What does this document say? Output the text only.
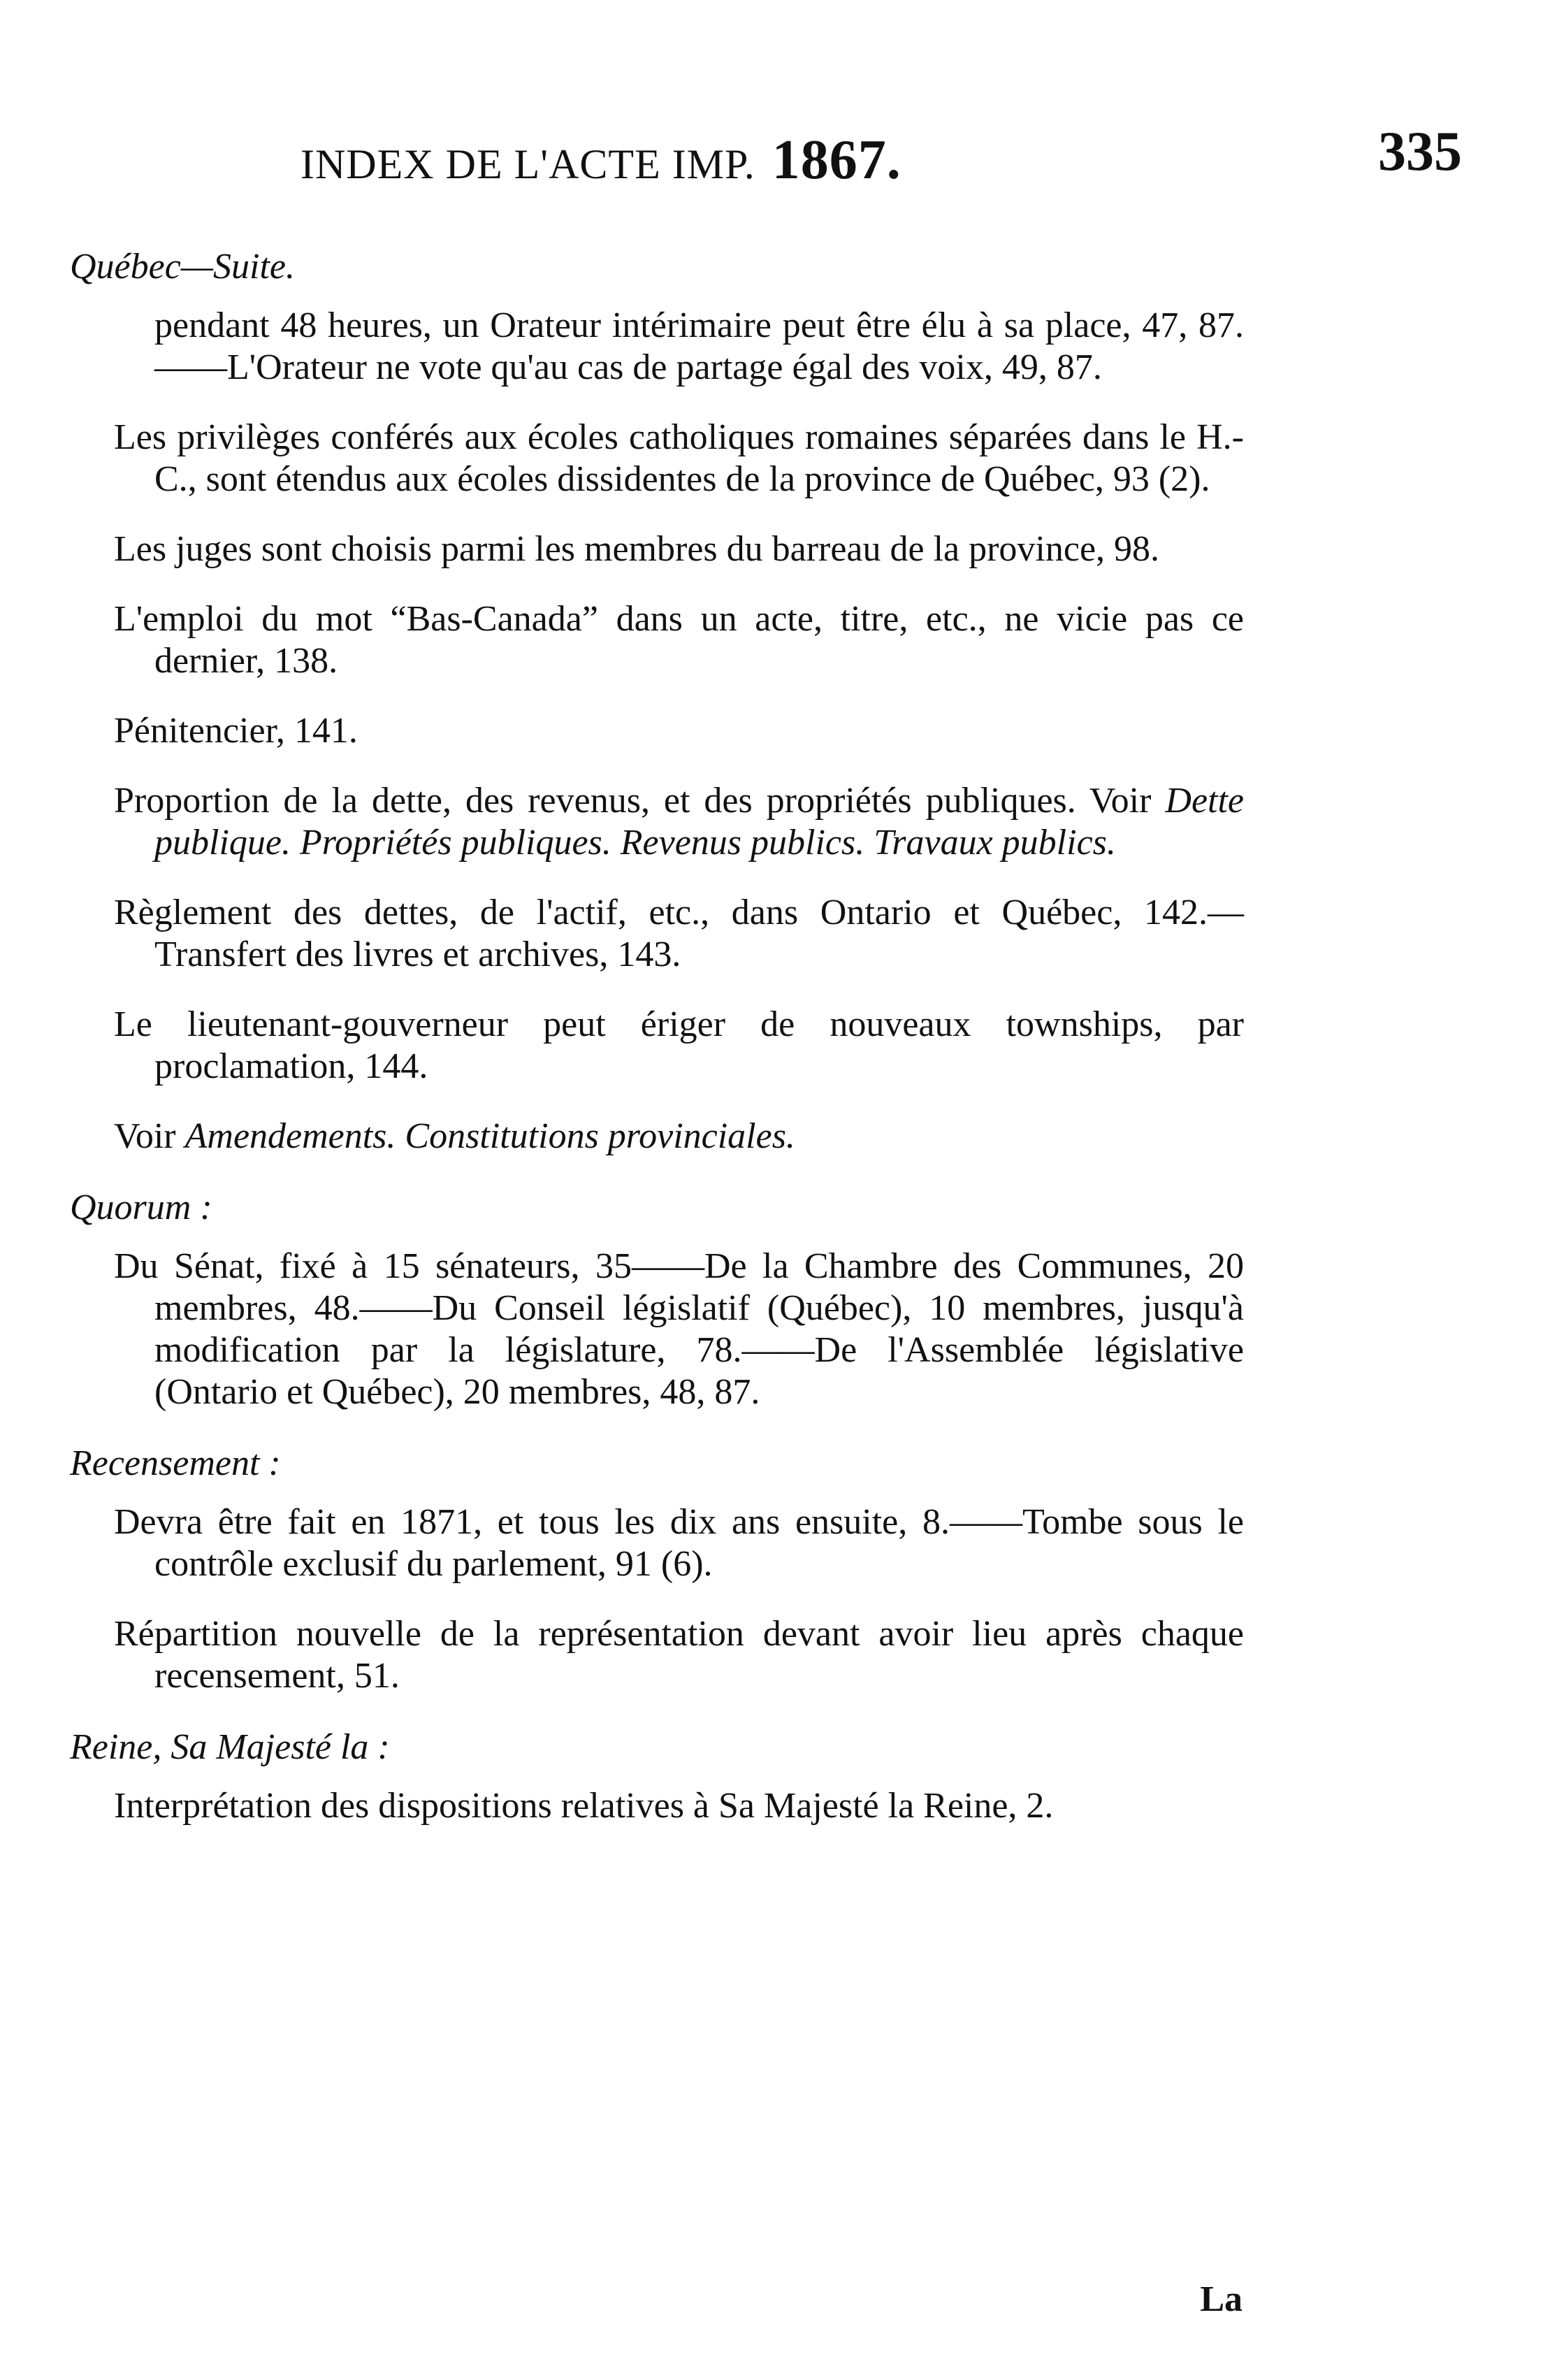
INDEX DE L'ACTE IMP. 1867.	335
Québec—Suite.

pendant 48 heures, un Orateur intérimaire peut être élu à sa place, 47, 87.——L'Orateur ne vote qu'au cas de partage égal des voix, 49, 87.

Les privilèges conférés aux écoles catholiques romaines séparées dans le H.-C., sont étendus aux écoles dissidentes de la province de Québec, 93 (2).

Les juges sont choisis parmi les membres du barreau de la province, 98.

L'emploi du mot “Bas-Canada” dans un acte, titre, etc., ne vicie pas ce dernier, 138.

Pénitencier, 141.

Proportion de la dette, des revenus, et des propriétés publiques. Voir Dette publique. Propriétés publiques. Revenus publics. Travaux publics.

Règlement des dettes, de l'actif, etc., dans Ontario et Québec, 142.—Transfert des livres et archives, 143.

Le lieutenant-gouverneur peut ériger de nouveaux townships, par proclamation, 144.

Voir Amendements. Constitutions provinciales.

Quorum :

Du Sénat, fixé à 15 sénateurs, 35——De la Chambre des Communes, 20 membres, 48.——Du Conseil législatif (Québec), 10 membres, jusqu'à modification par la législature, 78.——De l'Assemblée législative (Ontario et Québec), 20 membres, 48, 87.

Recensement :

Devra être fait en 1871, et tous les dix ans ensuite, 8.——Tombe sous le contrôle exclusif du parlement, 91 (6).

Répartition nouvelle de la représentation devant avoir lieu après chaque recensement, 51.

Reine, Sa Majesté la :

Interprétation des dispositions relatives à Sa Majesté la Reine, 2.

La
